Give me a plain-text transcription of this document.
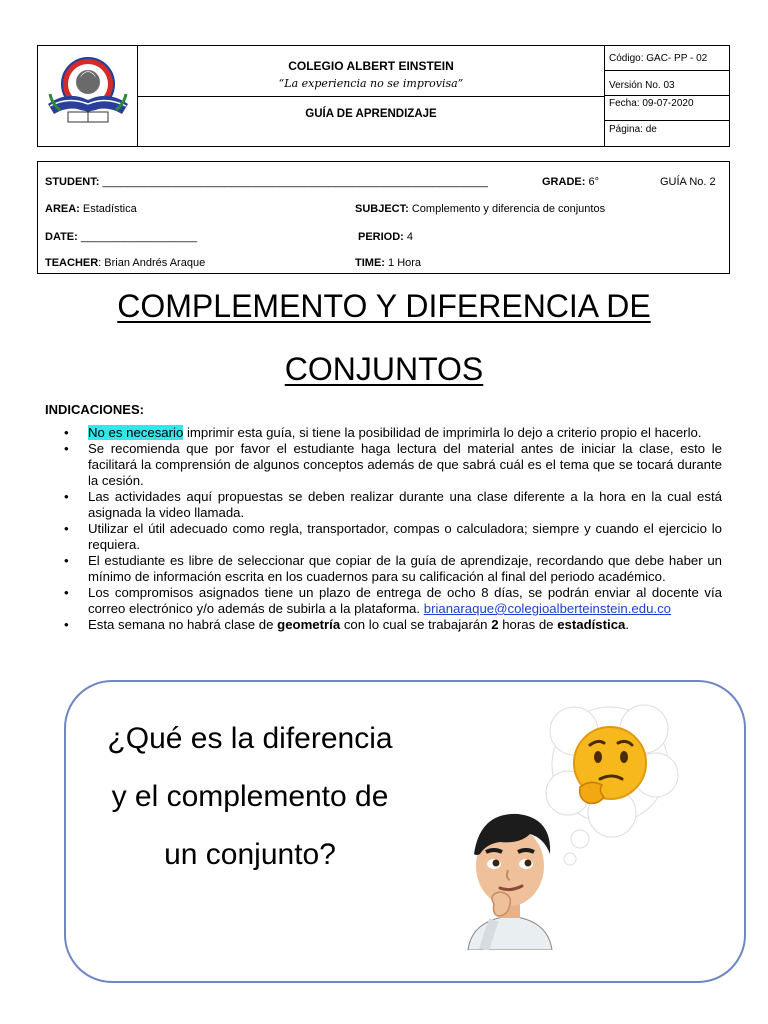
COLEGIO ALBERT EINSTEIN
“La experiencia no se improvisa”
GUÍA DE APRENDIZAJE
Código: GAC- PP - 02
Versión No. 03
Fecha: 09-07-2020
Página: de
STUDENT: _______________________________________________________________	GRADE: 6°	GUÍA No. 2
AREA: Estadística	SUBJECT: Complemento y diferencia de conjuntos
DATE: ___________________	PERIOD: 4
TEACHER: Brian Andrés Araque	TIME: 1 Hora
COMPLEMENTO Y DIFERENCIA DE
CONJUNTOS
INDICACIONES:
• No es necesario imprimir esta guía, si tiene la posibilidad de imprimirla lo dejo a criterio propio el hacerlo.
• Se recomienda que por favor el estudiante haga lectura del material antes de iniciar la clase, esto le facilitará la comprensión de algunos conceptos además de que sabrá cuál es el tema que se tocará durante la cesión.
• Las actividades aquí propuestas se deben realizar durante una clase diferente a la hora en la cual está asignada la video llamada.
• Utilizar el útil adecuado como regla, transportador, compas o calculadora; siempre y cuando el ejercicio lo requiera.
• El estudiante es libre de seleccionar que copiar de la guía de aprendizaje, recordando que debe haber un mínimo de información escrita en los cuadernos para su calificación al final del periodo académico.
• Los compromisos asignados tiene un plazo de entrega de ocho 8 días, se podrán enviar al docente vía correo electrónico y/o además de subirla a la plataforma. brianaraque@colegioalberteinstein.edu.co
• Esta semana no habrá clase de geometría con lo cual se trabajarán 2 horas de estadística.
¿Qué es la diferencia
y el complemento de
un conjunto?
